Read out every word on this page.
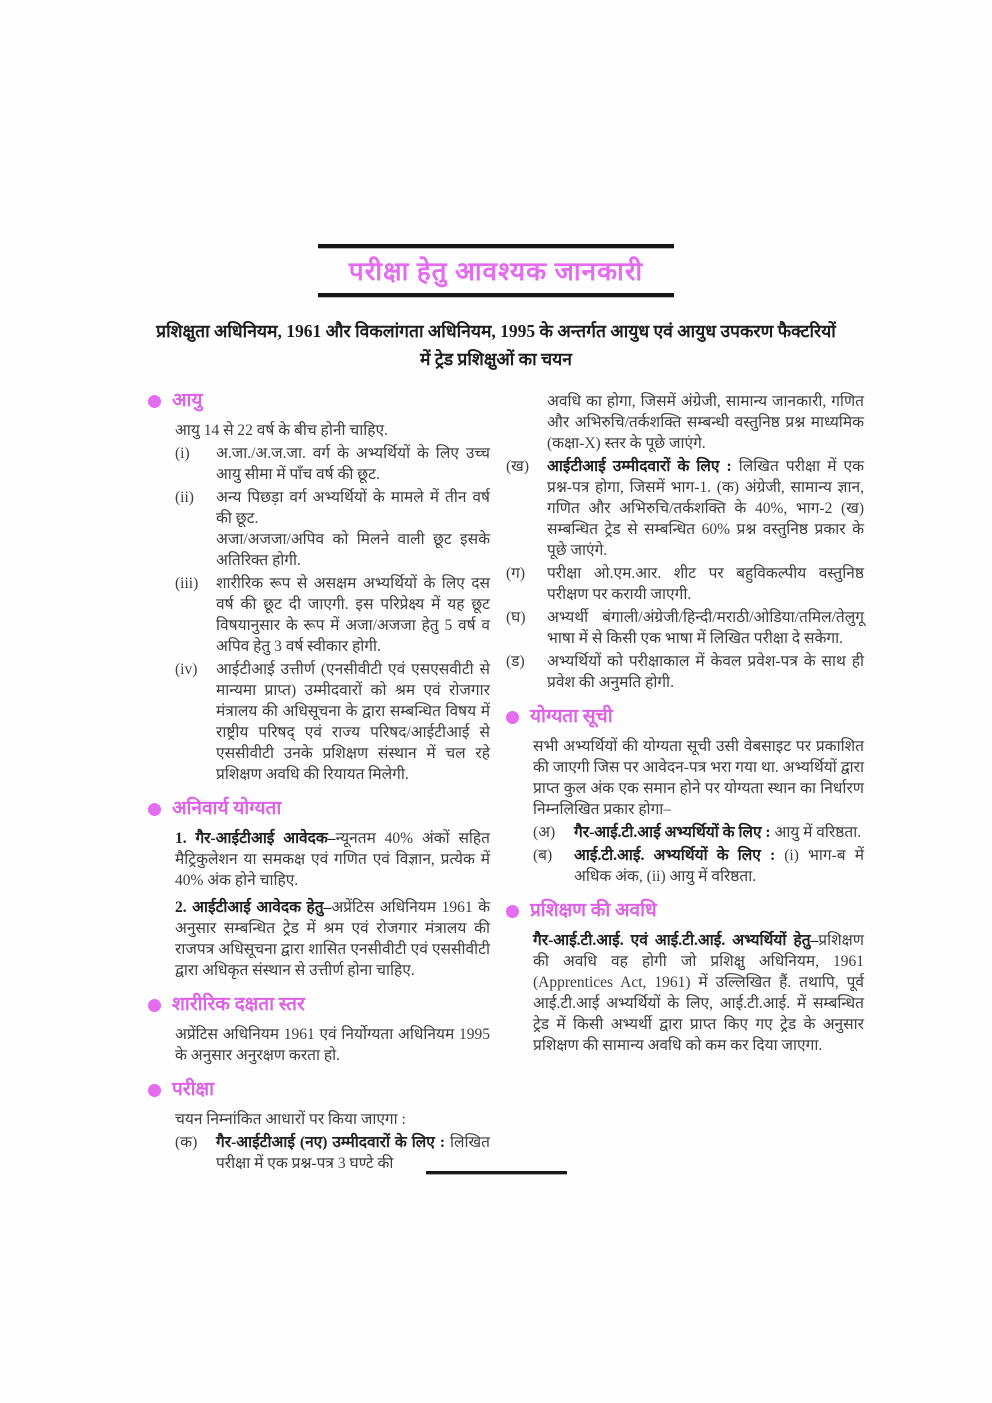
परीक्षा हेतु आवश्यक जानकारी
प्रशिक्षुता अधिनियम, 1961 और विकलांगता अधिनियम, 1995 के अन्तर्गत आयुध एवं आयुध उपकरण फैक्टरियों में ट्रेड प्रशिक्षुओं का चयन
आयु

आयु 14 से 22 वर्ष के बीच होनी चाहिए.

(i)	अ.जा./अ.ज.जा. वर्ग के अभ्यर्थियों के लिए उच्च आयु सीमा में पाँच वर्ष की छूट.
(ii)	अन्य पिछड़ा वर्ग अभ्यर्थियों के मामले में तीन वर्ष की छूट.
अजा/अजजा/अपिव को मिलने वाली छूट इसके अतिरिक्त होगी.
(iii)	शारीरिक रूप से असक्षम अभ्यर्थियों के लिए दस वर्ष की छूट दी जाएगी. इस परिप्रेक्ष्य में यह छूट विषयानुसार के रूप में अजा/अजजा हेतु 5 वर्ष व अपिव हेतु 3 वर्ष स्वीकार होगी.
(iv)	आईटीआई उत्तीर्ण (एनसीवीटी एवं एसएसवीटी से मान्यमा प्राप्त) उम्मीदवारों को श्रम एवं रोजगार मंत्रालय की अधिसूचना के द्वारा सम्बन्धित विषय में राष्ट्रीय परिषद् एवं राज्य परिषद/आईटीआई से एससीवीटी उनके प्रशिक्षण संस्थान में चल रहे प्रशिक्षण अवधि की रियायत मिलेगी.
अनिवार्य योग्यता

1. गैर-आईटीआई आवेदक–न्यूनतम 40% अंकों सहित मैट्रिकुलेशन या समकक्ष एवं गणित एवं विज्ञान, प्रत्येक में 40% अंक होने चाहिए.

2. आईटीआई आवेदक हेतु–अप्रेंटिस अधिनियम 1961 के अनुसार सम्बन्धित ट्रेड में श्रम एवं रोजगार मंत्रालय की राजपत्र अधिसूचना द्वारा शासित एनसीवीटी एवं एससीवीटी द्वारा अधिकृत संस्थान से उत्तीर्ण होना चाहिए.

शारीरिक दक्षता स्तर

अप्रेंटिस अधिनियम 1961 एवं निर्योग्यता अधिनियम 1995 के अनुसार अनुरक्षण करता हो.

परीक्षा

चयन निम्नांकित आधारों पर किया जाएगा :

(क)	गैर-आईटीआई (नए) उम्मीदवारों के लिए : लिखित परीक्षा में एक प्रश्न-पत्र 3 घण्टे की
अवधि का होगा, जिसमें अंग्रेजी, सामान्य जानकारी, गणित और अभिरुचि/तर्कशक्ति सम्बन्धी वस्तुनिष्ठ प्रश्न माध्यमिक (कक्षा-X) स्तर के पूछे जाएंगे.
(ख)	आईटीआई उम्मीदवारों के लिए : लिखित परीक्षा में एक प्रश्न-पत्र होगा, जिसमें भाग-1. (क) अंग्रेजी, सामान्य ज्ञान, गणित और अभिरुचि/तर्कशक्ति के 40%, भाग-2 (ख) सम्बन्धित ट्रेड से सम्बन्धित 60% प्रश्न वस्तुनिष्ठ प्रकार के पूछे जाएंगे.
(ग)	परीक्षा ओ.एम.आर. शीट पर बहुविकल्पीय वस्तुनिष्ठ परीक्षण पर करायी जाएगी.
(घ)	अभ्यर्थी बंगाली/अंग्रेजी/हिन्दी/मराठी/ओडिया/तमिल/तेलुगू भाषा में से किसी एक भाषा में लिखित परीक्षा दे सकेगा.
(ड)	अभ्यर्थियों को परीक्षाकाल में केवल प्रवेश-पत्र के साथ ही प्रवेश की अनुमति होगी.
योग्यता सूची

सभी अभ्यर्थियों की योग्यता सूची उसी वेबसाइट पर प्रकाशित की जाएगी जिस पर आवेदन-पत्र भरा गया था. अभ्यर्थियों द्वारा प्राप्त कुल अंक एक समान होने पर योग्यता स्थान का निर्धारण निम्नलिखित प्रकार होगा–

(अ)	गैर-आई.टी.आई अभ्यर्थियों के लिए : आयु में वरिष्ठता.
(ब)	आई.टी.आई. अभ्यर्थियों के लिए : (i) भाग-ब में अधिक अंक, (ii) आयु में वरिष्ठता.
प्रशिक्षण की अवधि

गैर-आई.टी.आई. एवं आई.टी.आई. अभ्यर्थियों हेतु–प्रशिक्षण की अवधि वह होगी जो प्रशिक्षु अधिनियम, 1961 (Apprentices Act, 1961) में उल्लिखित हैं. तथापि, पूर्व आई.टी.आई अभ्यर्थियों के लिए, आई.टी.आई. में सम्बन्धित ट्रेड में किसी अभ्यर्थी द्वारा प्राप्त किए गए ट्रेड के अनुसार प्रशिक्षण की सामान्य अवधि को कम कर दिया जाएगा.
